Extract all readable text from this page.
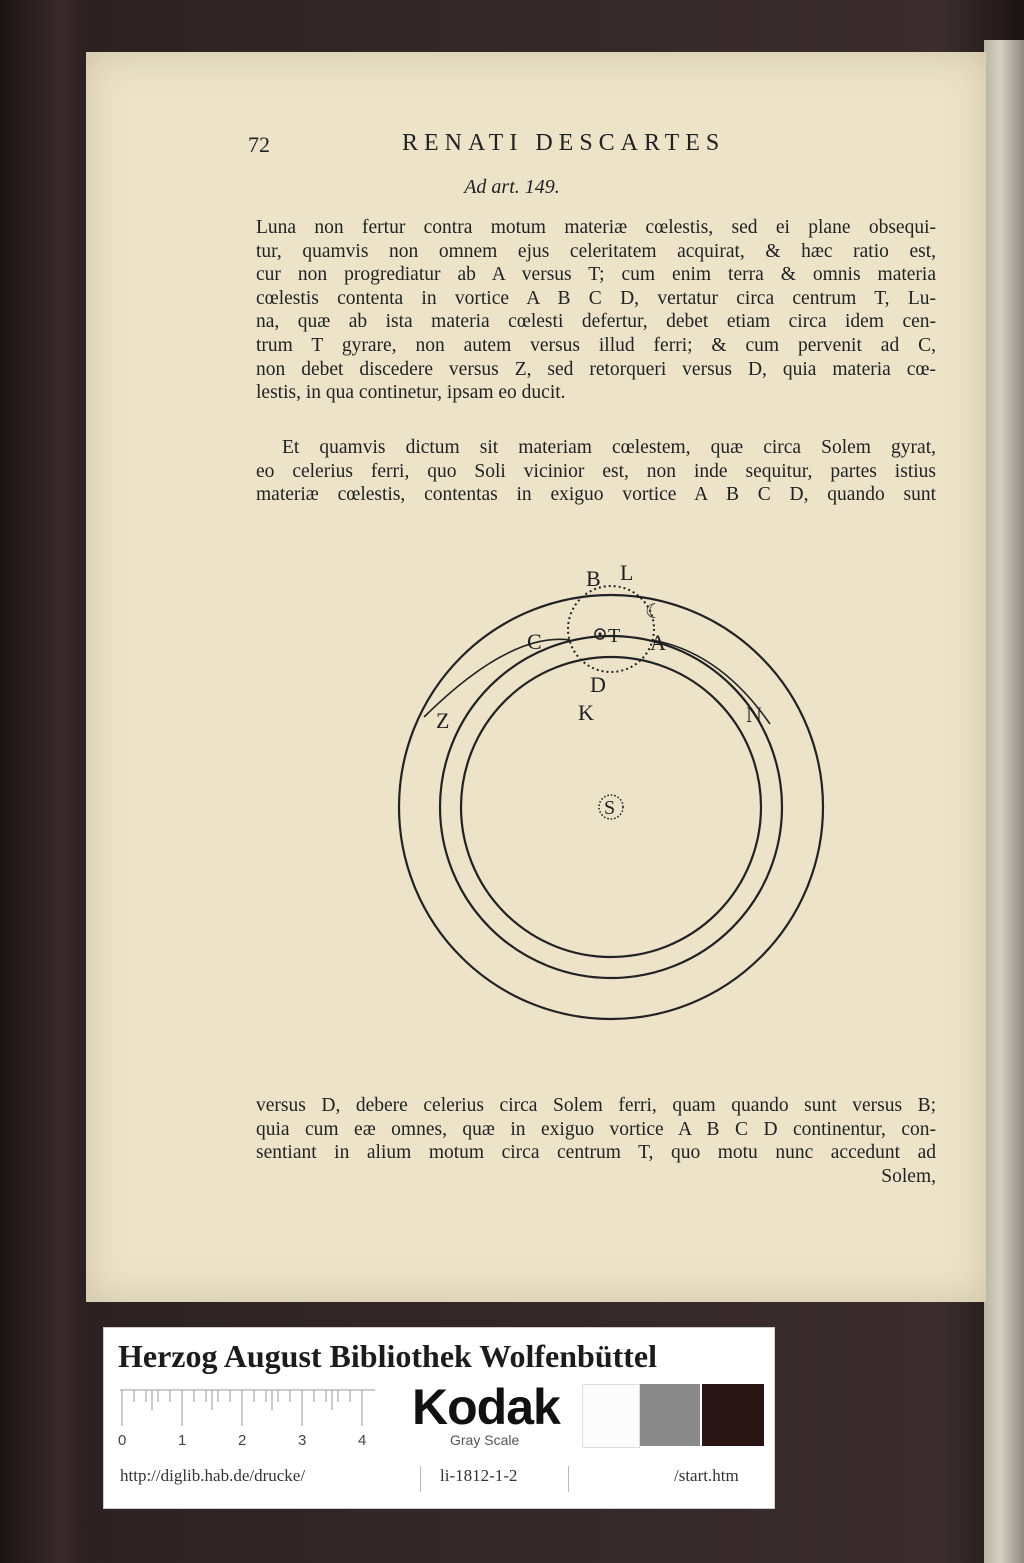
72	RENATI DESCARTES
Ad art. 149.
Luna non fertur contra motum materiæ cœlestis, sed ei plane obsequi-
tur, quamvis non omnem ejus celeritatem acquirat, & hæc ratio est,
cur non progrediatur ab A versus T; cum enim terra & omnis materia
cœlestis contenta in vortice A B C D, vertatur circa centrum T, Lu-
na, quæ ab ista materia cœlesti defertur, debet etiam circa idem cen-
trum T gyrare, non autem versus illud ferri; & cum pervenit ad C,
non debet discedere versus Z, sed retorqueri versus D, quia materia cœ-
lestis, in qua continetur, ipsam eo ducit.
Et quamvis dictum sit materiam cœlestem, quæ circa Solem gyrat,
eo celerius ferri, quo Soli vicinior est, non inde sequitur, partes istius
materiæ cœlestis, contentas in exiguo vortice A B C D, quando sunt
B L
☾
C	T A
D
K
Z	N
S
versus D, debere celerius circa Solem ferri, quam quando sunt versus B;
quia cum eæ omnes, quæ in exiguo vortice A B C D continentur, con-
sentiant in alium motum circa centrum T, quo motu nunc accedunt ad
Solem,
Herzog August Bibliothek Wolfenbüttel
0	1	2	3	4
Kodak
Gray Scale
http://diglib.hab.de/drucke/	li-1812-1-2	/start.htm
